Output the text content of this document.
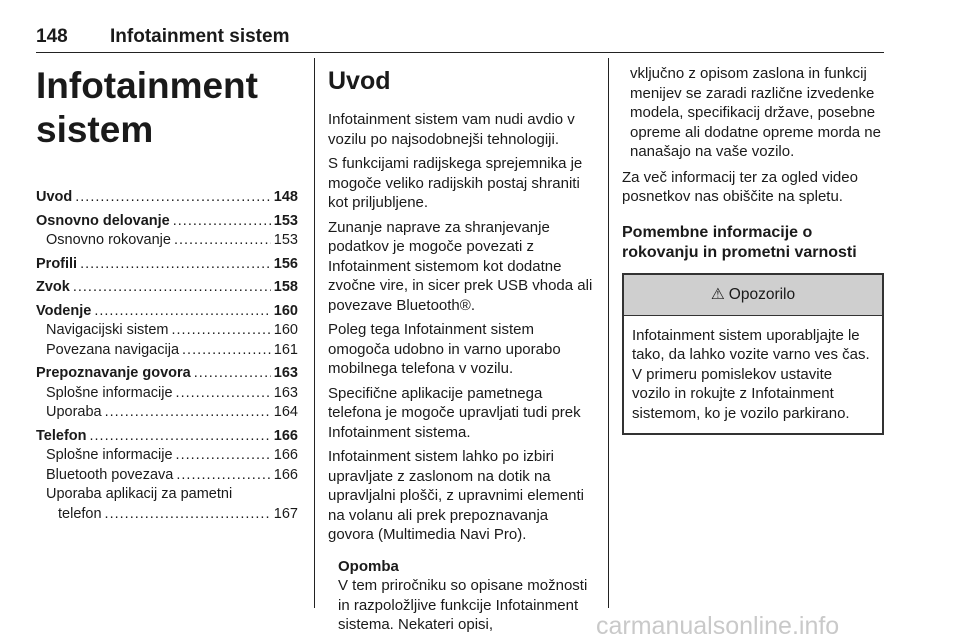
148 Infotainment sistem
Infotainment sistem
Uvod .....	148
Osnovno delovanje .....	153
Osnovno rokovanje .....	153
Profili .....	156
Zvok .....	158
Vodenje .....	160
Navigacijski sistem .....	160
Povezana navigacija .....	161
Prepoznavanje govora .....	163
Splošne informacije .....	163
Uporaba .....	164
Telefon .....	166
Splošne informacije .....	166
Bluetooth povezava .....	166
Uporaba aplikacij za pametni
telefon .....	167
Uvod

Infotainment sistem vam nudi avdio v vozilu po najsodobnejši tehnologiji.

S funkcijami radijskega sprejemnika je mogoče veliko radijskih postaj shraniti kot priljubljene.

Zunanje naprave za shranjevanje podatkov je mogoče povezati z Infotainment sistemom kot dodatne zvočne vire, in sicer prek USB vhoda ali povezave Bluetooth®.

Poleg tega Infotainment sistem omogoča udobno in varno uporabo mobilnega telefona v vozilu.

Specifične aplikacije pametnega telefona je mogoče upravljati tudi prek Infotainment sistema.

Infotainment sistem lahko po izbiri upravljate z zaslonom na dotik na upravljalni plošči, z upravnimi elementi na volanu ali prek prepoznavanja govora (Multimedia Navi Pro).

Opomba
V tem priročniku so opisane možnosti in razpoložljive funkcije Infotainment sistema. Nekateri opisi,
vključno z opisom zaslona in funkcij menijev se zaradi različne izvedenke modela, specifikacij države, posebne opreme ali dodatne opreme morda ne nanašajo na vaše vozilo.

Za več informacij ter za ogled video posnetkov nas obiščite na spletu.

Pomembne informacije o rokovanju in prometni varnosti
⚠ Opozorilo
Infotainment sistem uporabljajte le tako, da lahko vozite varno ves čas. V primeru pomislekov ustavite vozilo in rokujte z Infotainment sistemom, ko je vozilo parkirano.
carmanualsonline.info
